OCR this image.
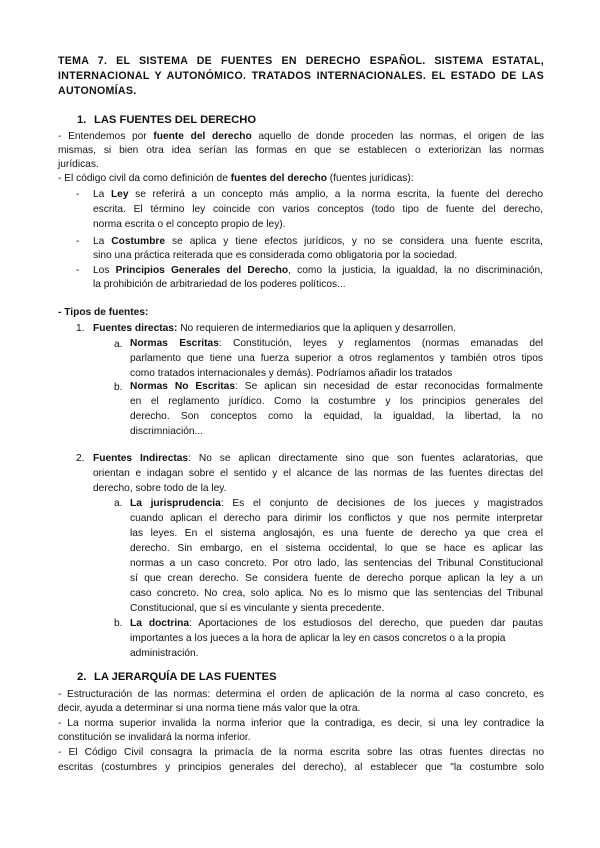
TEMA 7. EL SISTEMA DE FUENTES EN DERECHO ESPAÑOL. SISTEMA ESTATAL, INTERNACIONAL Y AUTONÓMICO. TRATADOS INTERNACIONALES. EL ESTADO DE LAS AUTONOMÍAS.
1. LAS FUENTES DEL DERECHO
- Entendemos por fuente del derecho aquello de donde proceden las normas, el origen de las
mismas, si bien otra idea serían las formas en que se establecen o exteriorizan las normas
jurídicas.
- El código civil da como definición de fuentes del derecho (fuentes jurídicas):
- La Ley se referirá a un concepto más amplio, a la norma escrita, la fuente del derecho
escrita. El término ley coincide con varios conceptos (todo tipo de fuente del derecho,
norma escrita o el concepto propio de ley).
- La Costumbre se aplica y tiene efectos jurídicos, y no se considera una fuente escrita,
sino una práctica reiterada que es considerada como obligatoria por la sociedad.
- Los Principios Generales del Derecho, como la justicia, la igualdad, la no discriminación,
la prohibición de arbitrariedad de los poderes políticos...
- Tipos de fuentes:
1. Fuentes directas: No requieren de intermediarios que la apliquen y desarrollen.
a. Normas Escritas: Constitución, leyes y reglamentos (normas emanadas del
parlamento que tiene una fuerza superior a otros reglamentos y también otros tipos
como tratados internacionales y demás). Podríamos añadir los tratados
b. Normas No Escritas: Se aplican sin necesidad de estar reconocidas formalmente
en el reglamento jurídico. Como la costumbre y los principios generales del
derecho. Son conceptos como la equidad, la igualdad, la libertad, la no
discrimniación...
2. Fuentes Indirectas: No se aplican directamente sino que son fuentes aclaratorias, que
orientan e indagan sobre el sentido y el alcance de las normas de las fuentes directas del
derecho, sobre todo de la ley.
a. La jurisprudencia: Es el conjunto de decisiones de los jueces y magistrados
cuando aplican el derecho para dirimir los conflictos y que nos permite interpretar
las leyes. En el sistema anglosajón, es una fuente de derecho ya que crea el
derecho. Sin embargo, en el sistema occidental, lo que se hace es aplicar las
normas a un caso concreto. Por otro lado, las sentencias del Tribunal Constitucional
sí que crean derecho. Se considera fuente de derecho porque aplican la ley a un
caso concreto. No crea, solo aplica. No es lo mismo que las sentencias del Tribunal
Constitucional, que sí es vinculante y sienta precedente.
b. La doctrina: Aportaciones de los estudiosos del derecho, que pueden dar pautas
importantes a los jueces a la hora de aplicar la ley en casos concretos o a la propia
administración.
2. LA JERARQUÍA DE LAS FUENTES
- Estructuración de las normas: determina el orden de aplicación de la norma al caso concreto, es
decir, ayuda a determinar si una norma tiene más valor que la otra.
- La norma superior invalida la norma inferior que la contradiga, es decir, si una ley contradice la
constitución se invalidará la norma inferior.
- El Código Civil consagra la primacía de la norma escrita sobre las otras fuentes directas no
escritas (costumbres y principios generales del derecho), al establecer que "la costumbre solo
